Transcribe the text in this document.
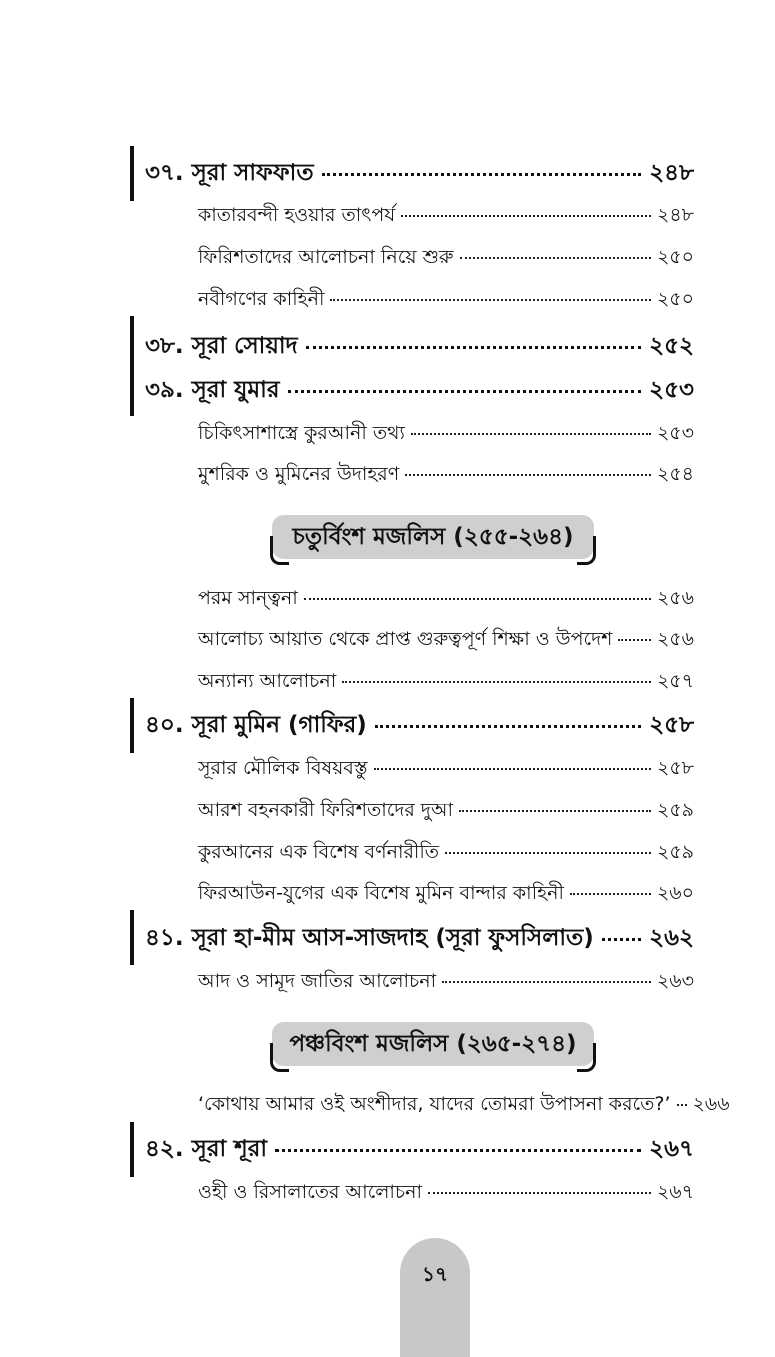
৩৭. সূরা সাফফাত	২৪৮
কাতারবন্দী হওয়ার তাৎপর্য	২৪৮
ফিরিশতাদের আলোচনা নিয়ে শুরু	২৫০
নবীগণের কাহিনী	২৫০
৩৮. সূরা সোয়াদ	২৫২
৩৯. সূরা যুমার	২৫৩
চিকিৎসাশাস্ত্রে কুরআনী তথ্য	২৫৩
মুশরিক ও মুমিনের উদাহরণ	২৫৪
চতুর্বিংশ মজলিস (২৫৫-২৬৪)
পরম সান্ত্বনা	২৫৬
আলোচ্য আয়াত থেকে প্রাপ্ত গুরুত্বপূর্ণ শিক্ষা ও উপদেশ ২৫৬
অন্যান্য আলোচনা	২৫৭
৪০. সূরা মুমিন (গাফির)	২৫৮
সূরার মৌলিক বিষয়বস্তু	২৫৮
আরশ বহনকারী ফিরিশতাদের দুআ	২৫৯
কুরআনের এক বিশেষ বর্ণনারীতি	২৫৯
ফিরআউন-যুগের এক বিশেষ মুমিন বান্দার কাহিনী	২৬০
৪১. সূরা হা-মীম আস-সাজদাহ (সূরা ফুসসিলাত) ২৬২
আদ ও সামূদ জাতির আলোচনা	২৬৩
পঞ্চবিংশ মজলিস (২৬৫-২৭৪)
‘কোথায় আমার ওই অংশীদার, যাদের তোমরা উপাসনা করতে?’ ২৬৬
৪২. সূরা শূরা	২৬৭
ওহী ও রিসালাতের আলোচনা	২৬৭
১৭
